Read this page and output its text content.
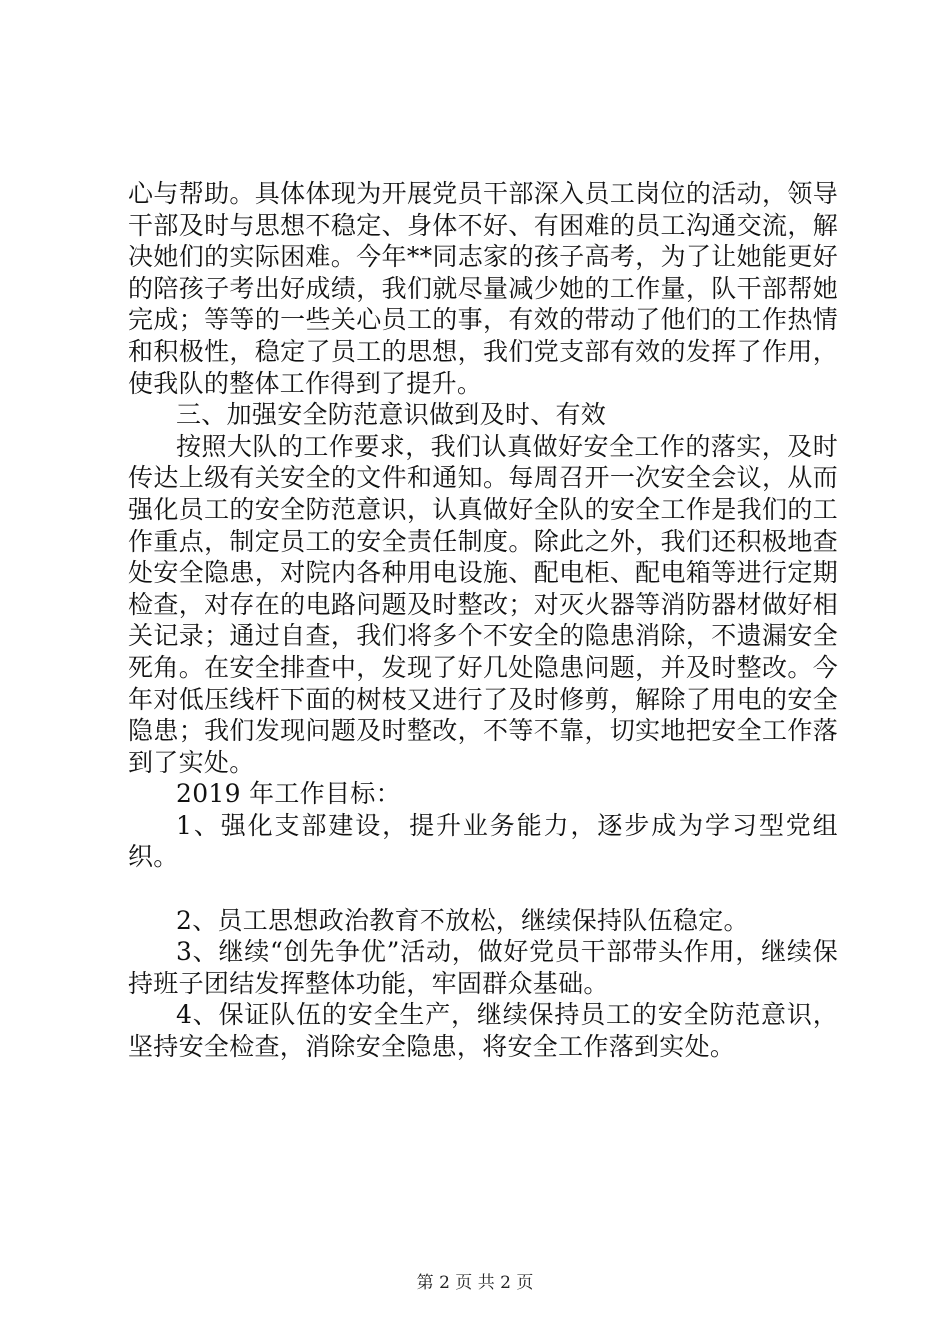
心与帮助。具体体现为开展党员干部深入员工岗位的活动，领导干部及时与思想不稳定、身体不好、有困难的员工沟通交流，解决她们的实际困难。今年**同志家的孩子高考，为了让她能更好的陪孩子考出好成绩，我们就尽量减少她的工作量，队干部帮她完成；等等的一些关心员工的事，有效的带动了他们的工作热情和积极性，稳定了员工的思想，我们党支部有效的发挥了作用，使我队的整体工作得到了提升。

三、加强安全防范意识做到及时、有效

按照大队的工作要求，我们认真做好安全工作的落实，及时传达上级有关安全的文件和通知。每周召开一次安全会议，从而强化员工的安全防范意识，认真做好全队的安全工作是我们的工作重点，制定员工的安全责任制度。除此之外，我们还积极地查处安全隐患，对院内各种用电设施、配电柜、配电箱等进行定期检查，对存在的电路问题及时整改；对灭火器等消防器材做好相关记录；通过自查，我们将多个不安全的隐患消除，不遗漏安全死角。在安全排查中，发现了好几处隐患问题，并及时整改。今年对低压线杆下面的树枝又进行了及时修剪，解除了用电的安全隐患；我们发现问题及时整改，不等不靠，切实地把安全工作落到了实处。

2019 年工作目标：

1、强化支部建设，提升业务能力，逐步成为学习型党组织。

2、员工思想政治教育不放松，继续保持队伍稳定。

3、继续“创先争优”活动，做好党员干部带头作用，继续保持班子团结发挥整体功能，牢固群众基础。

4、保证队伍的安全生产，继续保持员工的安全防范意识，坚持安全检查，消除安全隐患，将安全工作落到实处。

第 2 页 共 2 页
